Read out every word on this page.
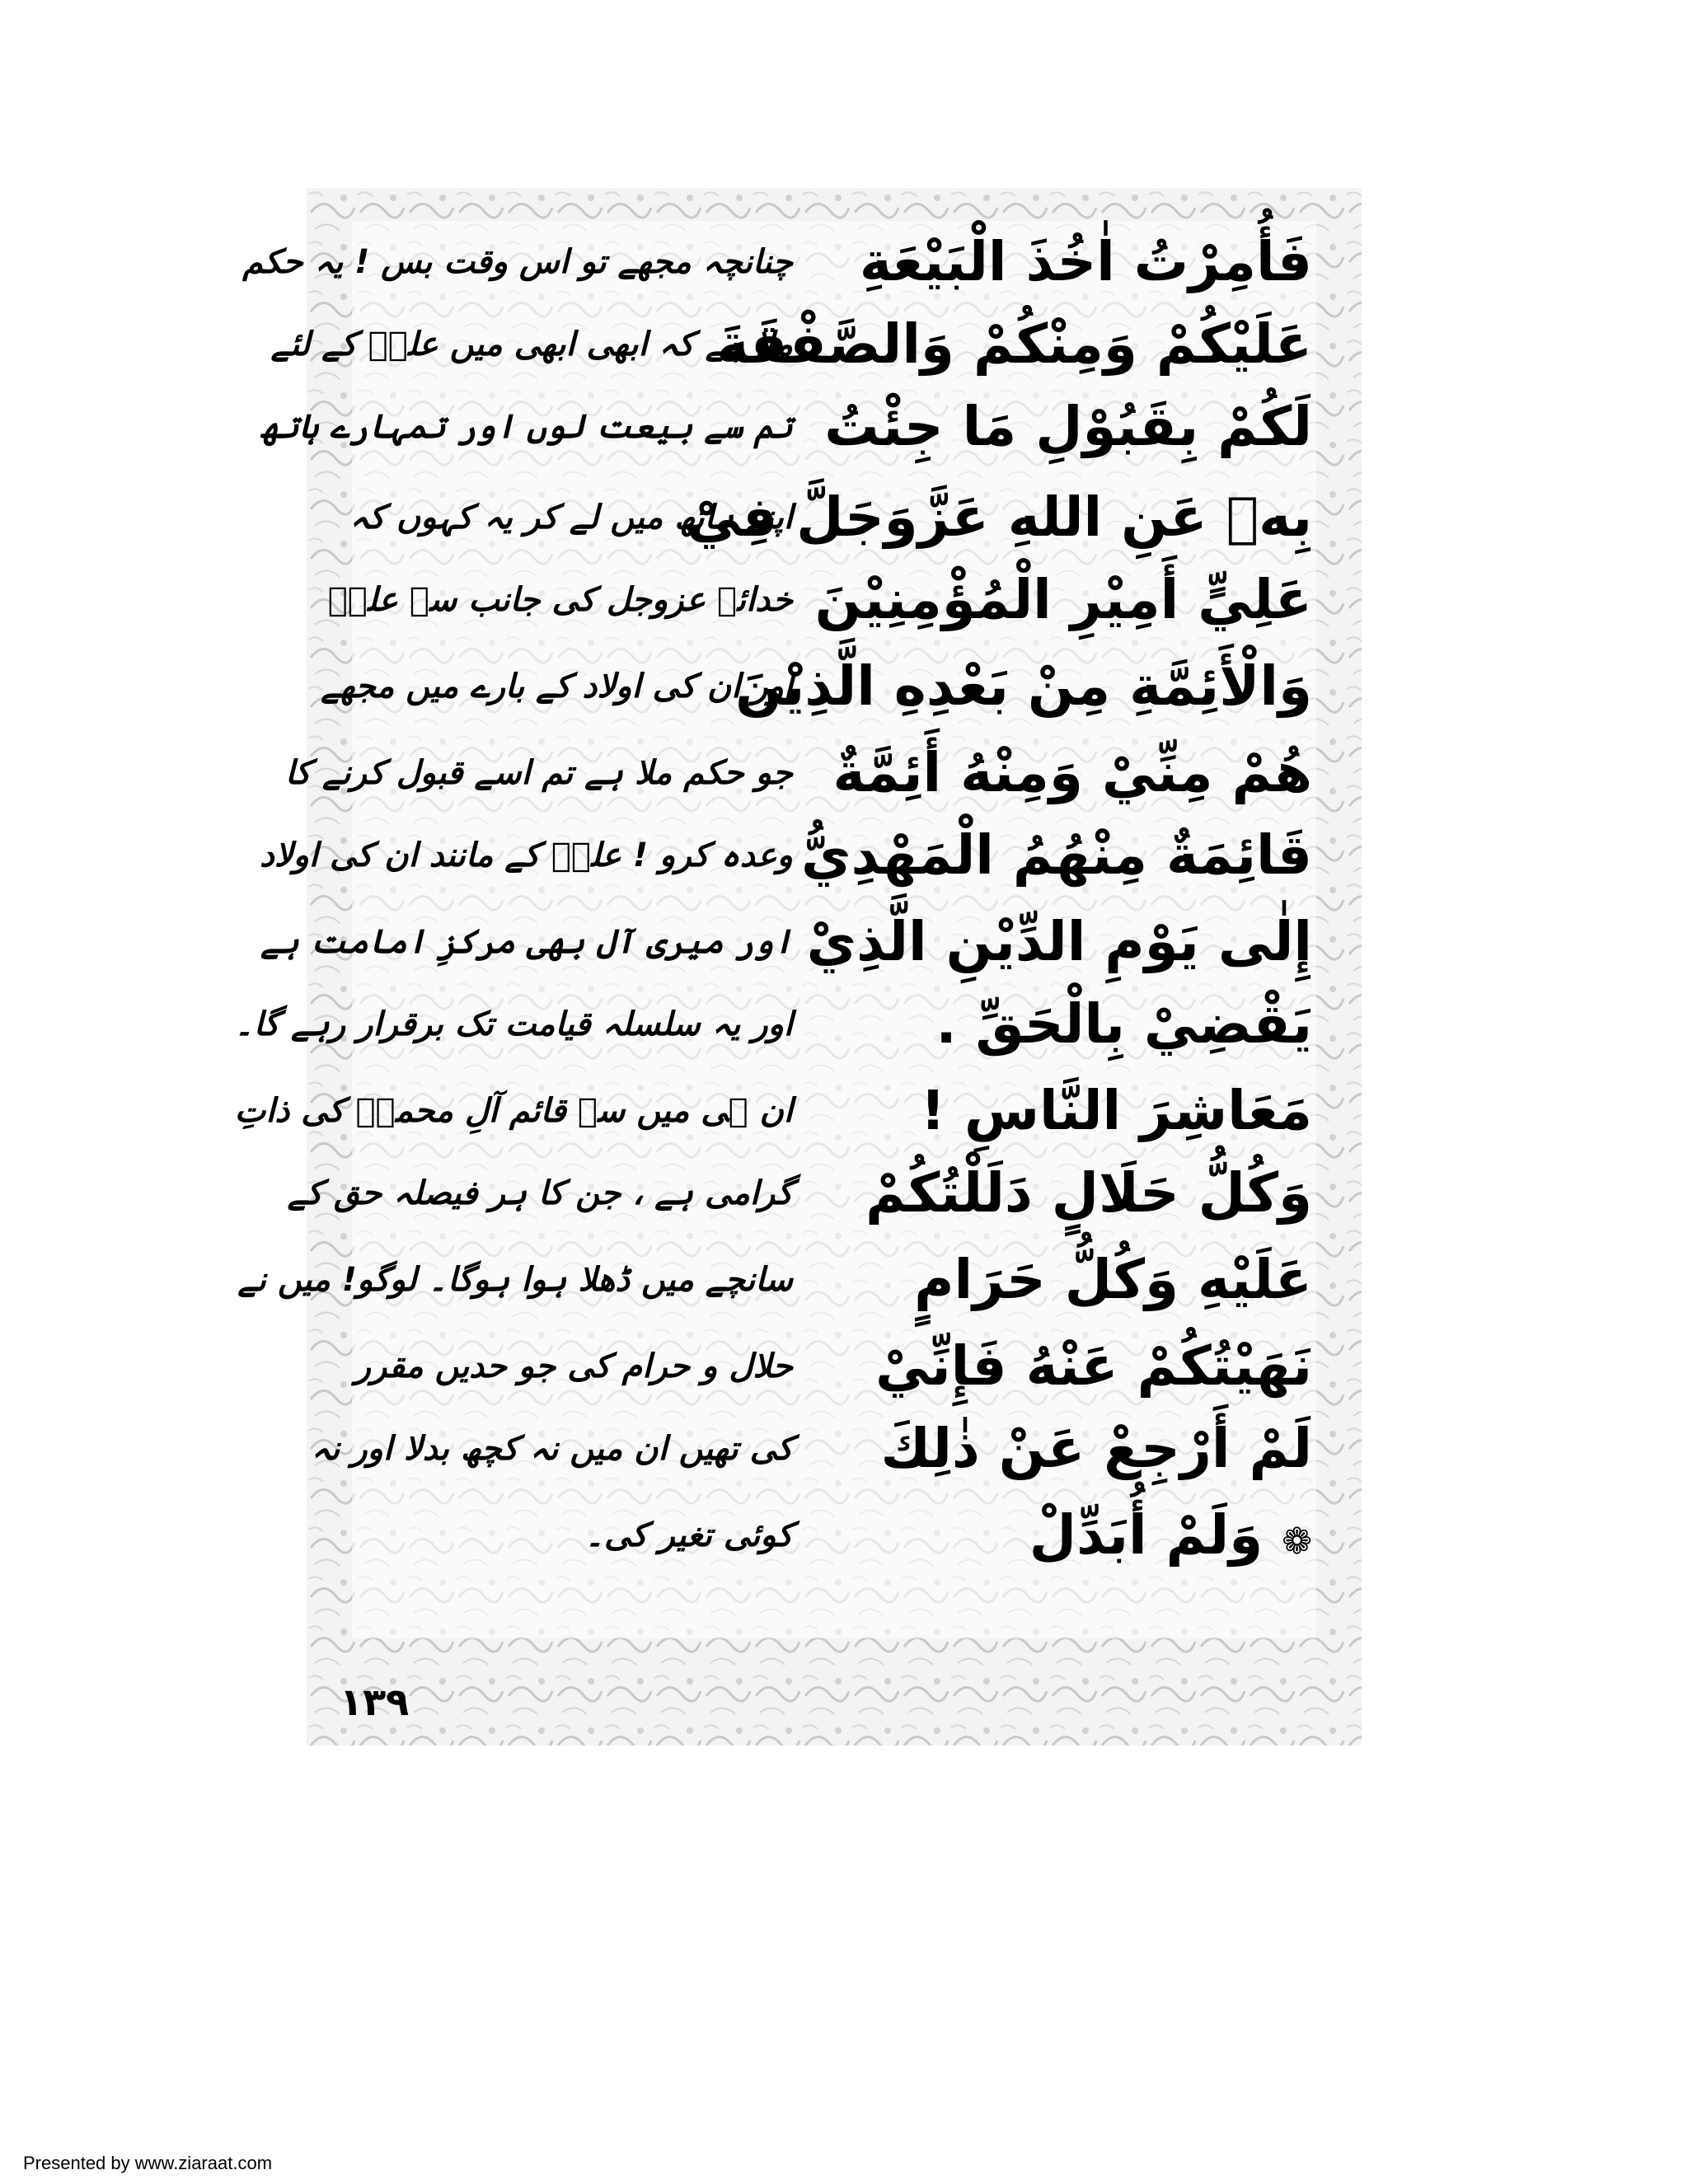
فَأُمِرْتُ اٰخُذَ الْبَيْعَةِ
چنانچہ مجھے تو اس وقت بس ! یہ حکم
عَلَيْكُمْ وَمِنْكُمْ وَالصَّفْقَةَ
ملا ہے کہ ابھی ابھی میں علیؑ کے لئے
لَكُمْ بِقَبُوْلِ مَا جِئْتُ
تم سے بیعت لوں اور تمہارے ہاتھ
بِهٖ عَنِ اللهِ عَزَّوَجَلَّ فِيْ
اپنے ہاتھ میں لے کر یہ کہوں کہ
عَلِيٍّ أَمِيْرِ الْمُؤْمِنِيْنَ
خدائے عزوجل کی جانب سے علیؑ
وَالْأَئِمَّةِ مِنْ بَعْدِهِ الَّذِيْنَ
اور ان کی اولاد کے بارے میں مجھے
هُمْ مِنِّيْ وَمِنْهُ أَئِمَّةٌ
جو حکم ملا ہے تم اسے قبول کرنے کا
قَائِمَةٌ مِنْهُمُ الْمَهْدِيُّ
وعدہ کرو ! علیؑ کے مانند ان کی اولاد
إِلٰى يَوْمِ الدِّيْنِ الَّذِيْ
اور میری آل بھی مرکزِ امامت ہے
يَقْضِيْ بِالْحَقِّ .
اور یہ سلسلہ قیامت تک برقرار رہے گا۔
مَعَاشِرَ النَّاسِ !
ان ہی میں سے قائم آلِ محمدؐ کی ذاتِ
وَكُلُّ حَلَالٍ دَلَلْتُكُمْ
گرامی ہے ، جن کا ہر فیصلہ حق کے
عَلَيْهِ وَكُلُّ حَرَامٍ
سانچے میں ڈھلا ہوا ہوگا۔ لوگو! میں نے
نَهَيْتُكُمْ عَنْهُ فَإِنِّيْ
حلال و حرام کی جو حدیں مقرر
لَمْ أَرْجِعْ عَنْ ذٰلِكَ
کی تھیں ان میں نہ کچھ بدلا اور نہ
❁ وَلَمْ أُبَدِّلْ
کوئی تغیر کی۔
۱۳۹
Presented by www.ziaraat.com
